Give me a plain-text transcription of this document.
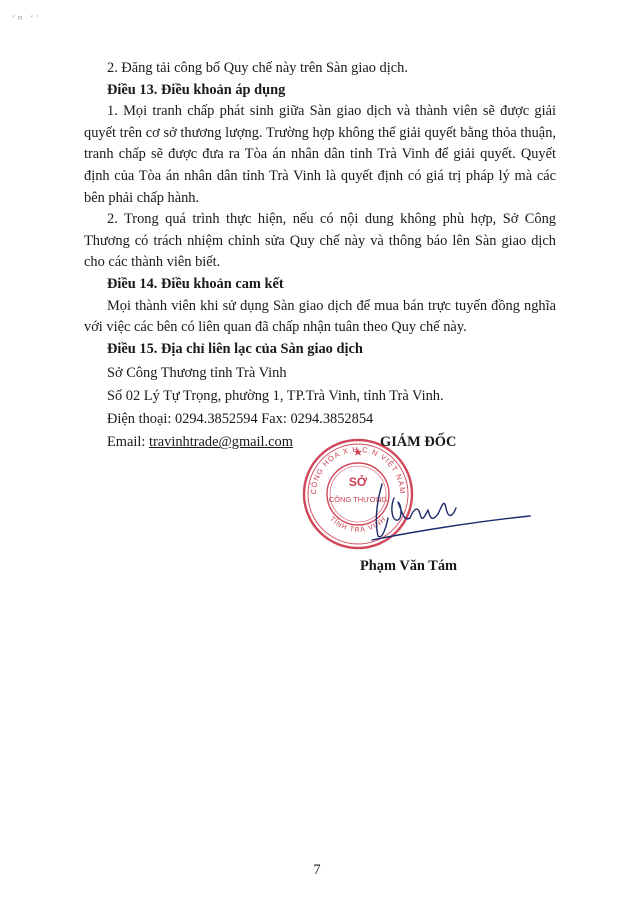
´ᴰ ´ʿ

2. Đăng tải công bố Quy chế này trên Sàn giao dịch.

Điều 13. Điều khoản áp dụng

1. Mọi tranh chấp phát sinh giữa Sàn giao dịch và thành viên sẽ được giải quyết trên cơ sở thương lượng. Trường hợp không thể giải quyết bằng thỏa thuận, tranh chấp sẽ được đưa ra Tòa án nhân dân tỉnh Trà Vinh để giải quyết. Quyết định của Tòa án nhân dân tỉnh Trà Vinh là quyết định có giá trị pháp lý mà các bên phải chấp hành.

2. Trong quá trình thực hiện, nếu có nội dung không phù hợp, Sở Công Thương có trách nhiệm chỉnh sửa Quy chế này và thông báo lên Sàn giao dịch cho các thành viên biết.

Điều 14. Điều khoản cam kết

Mọi thành viên khi sử dụng Sàn giao dịch để mua bán trực tuyến đồng nghĩa với việc các bên có liên quan đã chấp nhận tuân theo Quy chế này.

Điều 15. Địa chỉ liên lạc của Sàn giao dịch

Sở Công Thương tỉnh Trà Vinh

Số 02 Lý Tự Trọng, phường 1, TP.Trà Vinh, tỉnh Trà Vinh.

Điện thoại: 0294.3852594 Fax: 0294.3852854

Email: travinhtrade@gmail.com

CỘNG HÒA X.H.C.N VIỆT NAM
TỈNH TRÀ VINH
SỞ
CÔNG THƯƠNG
GIÁM ĐỐC
Phạm Văn Tám
7
